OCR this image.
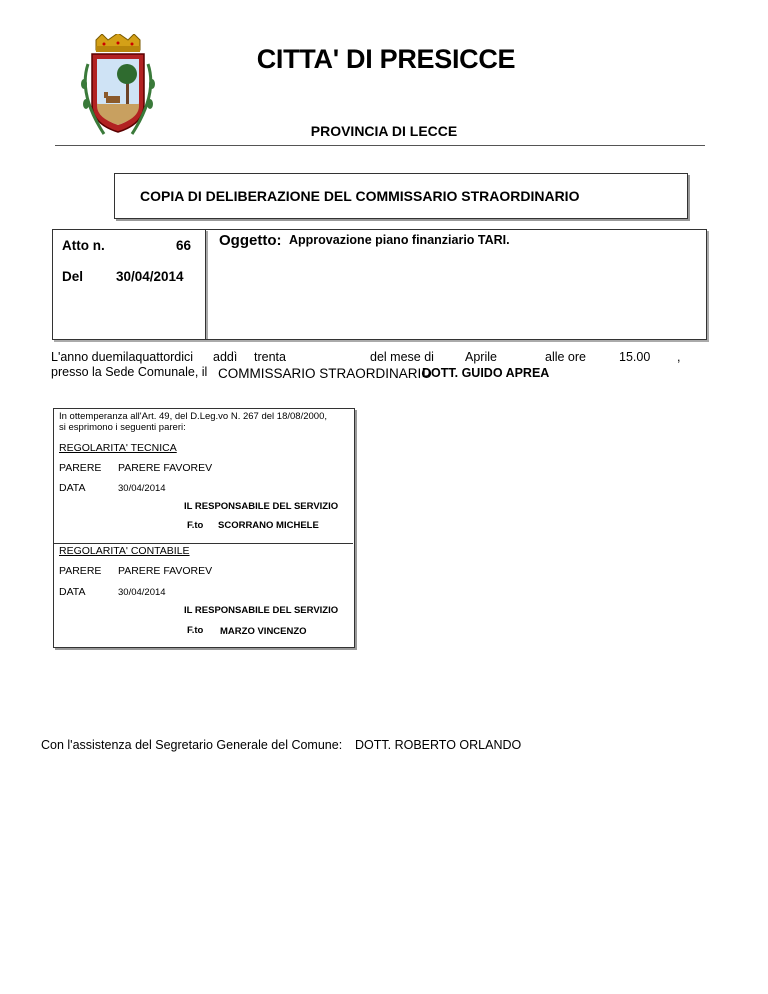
CITTA' DI PRESICCE
PROVINCIA DI LECCE
COPIA DI DELIBERAZIONE DEL COMMISSARIO STRAORDINARIO
Atto n.	66
Del 30/04/2014
Oggetto: Approvazione piano finanziario TARI.
L'anno duemilaquattordici addì trenta	del mese di Aprile	alle ore	15.00 ,
presso la Sede Comunale, il COMMISSARIO STRAORDINARIO
DOTT. GUIDO APREA
In ottemperanza all'Art. 49, del D.Leg.vo N. 267 del 18/08/2000,
si esprimono i seguenti pareri:
REGOLARITA' TECNICA
PARERE PARERE FAVOREV
DATA	30/04/2014
IL RESPONSABILE DEL SERVIZIO
F.to SCORRANO MICHELE
REGOLARITA' CONTABILE
PARERE PARERE FAVOREV
DATA	30/04/2014
IL RESPONSABILE DEL SERVIZIO
F.to MARZO VINCENZO
Con l'assistenza del Segretario Generale del Comune: DOTT. ROBERTO ORLANDO
